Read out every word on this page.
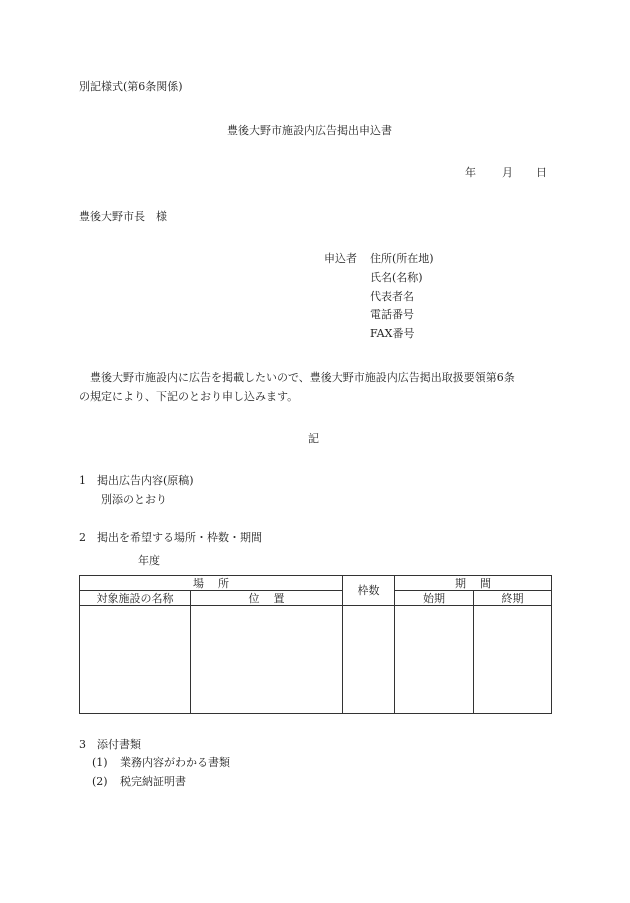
別記様式(第6条関係)
豊後大野市施設内広告掲出申込書
年 月 日
豊後大野市長　様
申込者 住所(所在地)
氏名(名称)
代表者名
電話番号
FAX番号
豊後大野市施設内に広告を掲載したいので、豊後大野市施設内広告掲出取扱要領第6条
の規定により、下記のとおり申し込みます。
記
1 掲出広告内容(原稿)
別添のとおり
2 掲出を希望する場所・枠数・期間
年度
場所		枠数	期間	
対象施設の名称	位置		始期	終期

3 添付書類
(1) 業務内容がわかる書類
(2) 税完納証明書
